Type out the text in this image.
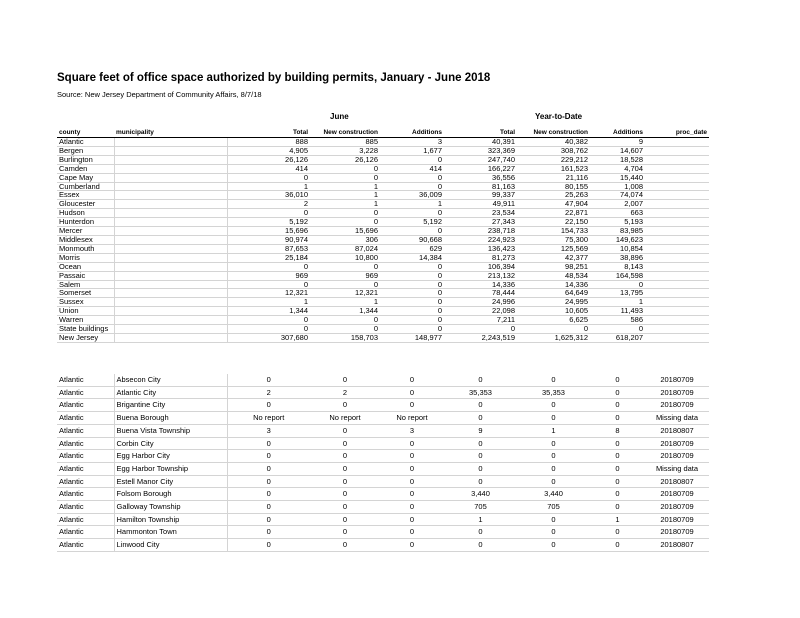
Square feet of office space authorized by building permits, January - June 2018
Source: New Jersey Department of Community Affairs, 8/7/18
June	Year-to-Date
county	municipality	Total	New construction	Additions	Total	New construction	Additions	proc_date
Atlantic		888	885	3	40,391	40,382	9	
Bergen		4,905	3,228	1,677	323,369	308,762	14,607	
Burlington		26,126	26,126	0	247,740	229,212	18,528	
Camden		414	0	414	166,227	161,523	4,704	
Cape May		0	0	0	36,556	21,116	15,440	
Cumberland		1	1	0	81,163	80,155	1,008	
Essex		36,010	1	36,009	99,337	25,263	74,074	
Gloucester		2	1	1	49,911	47,904	2,007	
Hudson		0	0	0	23,534	22,871	663	
Hunterdon		5,192	0	5,192	27,343	22,150	5,193	
Mercer		15,696	15,696	0	238,718	154,733	83,985	
Middlesex		90,974	306	90,668	224,923	75,300	149,623	
Monmouth		87,653	87,024	629	136,423	125,569	10,854	
Morris		25,184	10,800	14,384	81,273	42,377	38,896	
Ocean		0	0	0	106,394	98,251	8,143	
Passaic		969	969	0	213,132	48,534	164,598	
Salem		0	0	0	14,336	14,336	0	
Somerset		12,321	12,321	0	78,444	64,649	13,795	
Sussex		1	1	0	24,996	24,995	1	
Union		1,344	1,344	0	22,098	10,605	11,493	
Warren		0	0	0	7,211	6,625	586	
State buildings		0	0	0	0	0	0	
New Jersey		307,680	158,703	148,977	2,243,519	1,625,312	618,207	
Atlantic	Absecon City	0	0	0	0	0	0	20180709
Atlantic	Atlantic City	2	2	0	35,353	35,353	0	20180709
Atlantic	Brigantine City	0	0	0	0	0	0	20180709
Atlantic	Buena Borough	No report	No report	No report	0	0	0	Missing data
Atlantic	Buena Vista Township	3	0	3	9	1	8	20180807
Atlantic	Corbin City	0	0	0	0	0	0	20180709
Atlantic	Egg Harbor City	0	0	0	0	0	0	20180709
Atlantic	Egg Harbor Township	0	0	0	0	0	0	Missing data
Atlantic	Estell Manor City	0	0	0	0	0	0	20180807
Atlantic	Folsom Borough	0	0	0	3,440	3,440	0	20180709
Atlantic	Galloway Township	0	0	0	705	705	0	20180709
Atlantic	Hamilton Township	0	0	0	1	0	1	20180709
Atlantic	Hammonton Town	0	0	0	0	0	0	20180709
Atlantic	Linwood City	0	0	0	0	0	0	20180807
